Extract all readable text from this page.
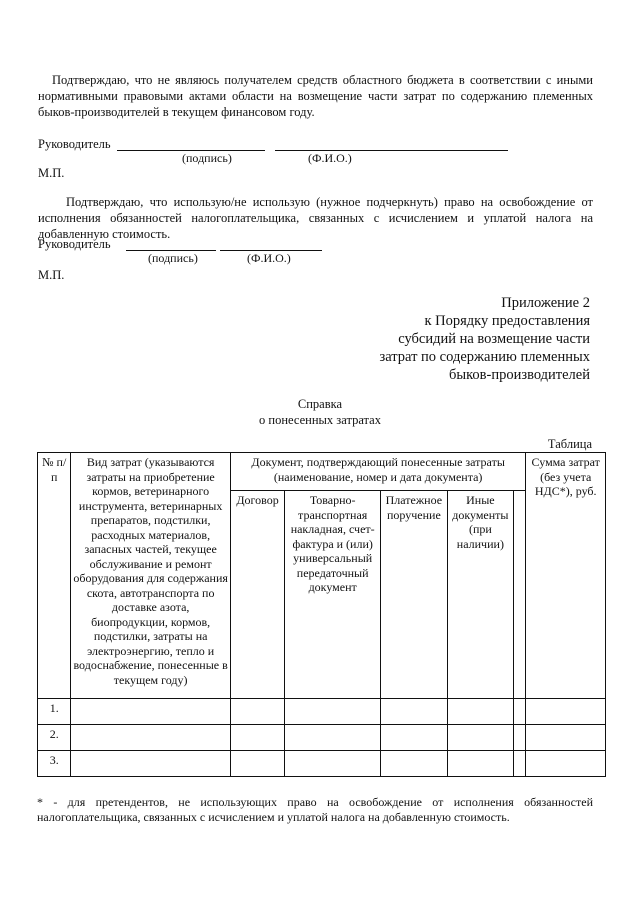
Подтверждаю, что не являюсь получателем средств областного бюджета в соответствии с иными нормативными правовыми актами области на возмещение части затрат по содержанию племенных быков-производителей в текущем финансовом году.
Руководитель
(подпись)	(Ф.И.О.)
М.П.
Подтверждаю, что использую/не использую (нужное подчеркнуть) право на освобождение от исполнения обязанностей налогоплательщика, связанных с исчислением и уплатой налога на добавленную стоимость.
Руководитель
(подпись)	(Ф.И.О.)
М.П.
Приложение 2
к Порядку предоставления
субсидий на возмещение части
затрат по содержанию племенных
быков-производителей
Справка
о понесенных затратах
Таблица
№ п/п	Вид затрат (указываются затраты на приобретение кормов, ветеринарного инструмента, ветеринарных препаратов, подстилки, расходных материалов, запасных частей, текущее обслуживание и ремонт оборудования для содержания скота, автотранспорта по доставке азота, биопродукции, кормов, подстилки, затраты на электроэнергию, тепло и водоснабжение, понесенные в текущем году)	Документ, подтверждающий понесенные затраты (наименование, номер и дата документа)					Сумма затрат (без учета НДС*), руб.
		Договор	Товарно-транспортная накладная, счет-фактура и (или) универсальный передаточный документ	Платежное поручение	Иные документы (при наличии)		
1.							
2.							
3.							
* - для претендентов, не использующих право на освобождение от исполнения обязанностей налогоплательщика, связанных с исчислением и уплатой налога на добавленную стоимость.
